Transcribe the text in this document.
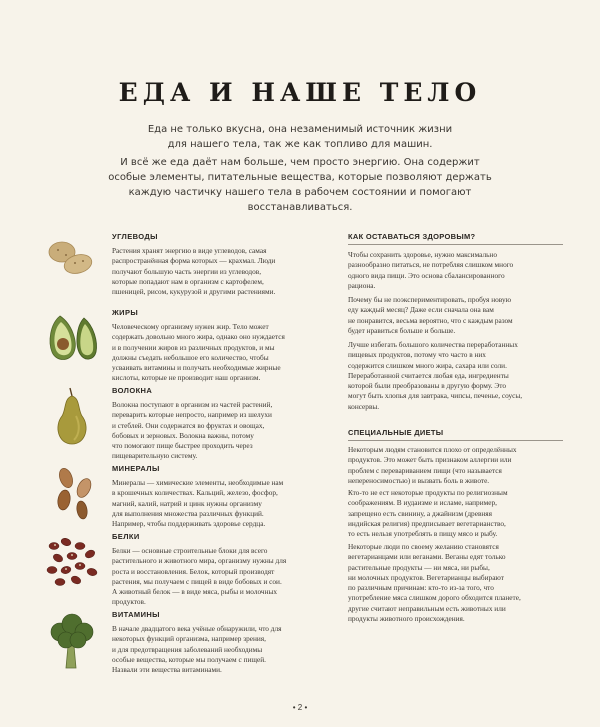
ЕДА И НАШЕ ТЕЛО
Еда не только вкусна, она незаменимый источник жизни
для нашего тела, так же как топливо для машин.
И всё же еда даёт нам больше, чем просто энергию. Она содержит
особые элементы, питательные вещества, которые позволяют держать
каждую частичку нашего тела в рабочем состоянии и помогают
восстанавливаться.
УГЛЕВОДЫ
Растения хранят энергию в виде углеводов, самая
распространённая форма которых — крахмал. Люди
получают большую часть энергии из углеводов,
которые попадают нам в организм с картофелем,
пшеницей, рисом, кукурузой и другими растениями.
ЖИРЫ
Человеческому организму нужен жир. Тело может
содержать довольно много жира, однако оно нуждается
и в получении жиров из различных продуктов, и мы
должны съедать небольшое его количество, чтобы
усваивать витамины и получать необходимые жирные
кислоты, которые не производит наш организм.
ВОЛОКНА
Волокна поступают в организм из частей растений,
переварить которые непросто, например из шелухи
и стеблей. Они содержатся во фруктах и овощах,
бобовых и зерновых. Волокна важны, потому
что помогают пище быстрее проходить через
пищеварительную систему.
МИНЕРАЛЫ
Минералы — химические элементы, необходимые нам
в крошечных количествах. Кальций, железо, фосфор,
магний, калий, натрий и цинк нужны организму
для выполнения множества различных функций.
Например, чтобы поддерживать здоровье сердца.
БЕЛКИ
Белки — основные строительные блоки для всего
растительного и животного мира, организму нужны для
роста и восстановления. Белок, который производят
растения, мы получаем с пищей в виде бобовых и сои.
А животный белок — в виде мяса, рыбы и молочных
продуктов.
ВИТАМИНЫ
В начале двадцатого века учёные обнаружили, что для
некоторых функций организма, например зрения,
и для предотвращения заболеваний необходимы
особые вещества, которые мы получаем с пищей.
Назвали эти вещества витаминами.
КАК ОСТАВАТЬСЯ ЗДОРОВЫМ?
Чтобы сохранить здоровье, нужно максимально
разнообразно питаться, не потребляя слишком много
одного вида пищи. Это основа сбалансированного
рациона.
Почему бы не поэкспериментировать, пробуя новую
еду каждый месяц? Даже если сначала она вам
не понравится, весьма вероятно, что с каждым разом
будет нравиться больше и больше.
Лучше избегать большого количества переработанных
пищевых продуктов, потому что часто в них
содержится слишком много жира, сахара или соли.
Переработанной считается любая еда, ингредиенты
которой были преобразованы в другую форму. Это
могут быть хлопья для завтрака, чипсы, печенье, соусы,
консервы.
СПЕЦИАЛЬНЫЕ ДИЕТЫ
Некоторым людям становится плохо от определённых
продуктов. Это может быть признаком аллергии или
проблем с перевариванием пищи (что называется
непереносимостью) и вызвать боль в животе.
Кто-то не ест некоторые продукты по религиозным
соображениям. В иудаизме и исламе, например,
запрещено есть свинину, а джайнизм (древняя
индийская религия) предписывает вегетарианство,
то есть нельзя употреблять в пищу мясо и рыбу.
Некоторые люди по своему желанию становятся
вегетарианцами или веганами. Веганы едят только
растительные продукты — ни мяса, ни рыбы,
ни молочных продуктов. Вегетарианцы выбирают
по различным причинам: кто-то из-за того, что
употребление мяса слишком дорого обходится планете,
другие считают неправильным есть животных или
продукты животного происхождения.
• 2 •
